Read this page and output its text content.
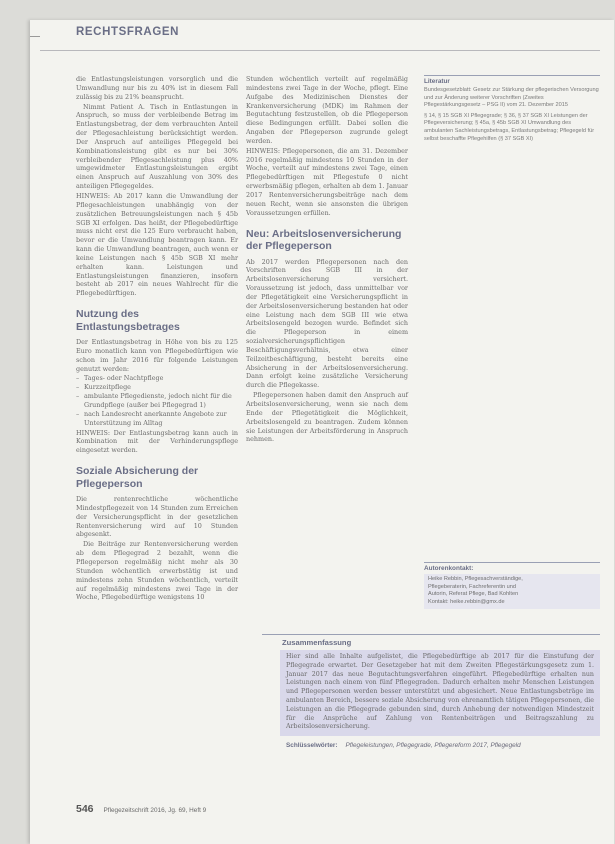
RECHTSFRAGEN

die Entlastungsleistungen vorsorglich und die Umwandlung nur bis zu 40% ist in diesem Fall zulässig bis zu 21% beansprucht.

Nimmt Patient A. Tisch in Entlastungen in Anspruch, so muss der verbleibende Betrag im Entlastungsbetrag, der dem verbrauchten Anteil der Pflegesachleistung berücksichtigt werden. Der Anspruch auf anteiliges Pflegegeld bei Kombinationsleistung gibt es nur bei 30% verbleibender Pflegesachleistung plus 40% umgewidmeter Entlastungsleistungen ergibt einen Anspruch auf Auszahlung von 30% des anteiligen Pflegegeldes.

HINWEIS: Ab 2017 kann die Umwandlung der Pflegesachleistungen unabhängig von der zusätzlichen Betreuungsleistungen nach § 45b SGB XI erfolgen. Das heißt, der Pflegebedürftige muss nicht erst die 125 Euro verbraucht haben, bevor er die Umwandlung beantragen kann. Er kann die Umwandlung beantragen, auch wenn er keine Leistungen nach § 45b SGB XI mehr erhalten kann. Leistungen und Entlastungsleistungen finanzieren, insofern besteht ab 2017 ein neues Wahlrecht für die Pflegebedürftigen.

Nutzung des Entlastungsbetrages

Der Entlastungsbetrag in Höhe von bis zu 125 Euro monatlich kann von Pflegebedürftigen wie schon im Jahr 2016 für folgende Leistungen genutzt werden:

– Tages- oder Nachtpflege
– Kurzzeitpflege
– ambulante Pflegedienste, jedoch nicht für die Grundpflege (außer bei Pflegegrad 1)
– nach Landesrecht anerkannte Angebote zur Unterstützung im Alltag

HINWEIS: Der Entlastungsbetrag kann auch in Kombination mit der Verhinderungspflege eingesetzt werden.

Soziale Absicherung der Pflegeperson

Die rentenrechtliche wöchentliche Mindestpflegezeit von 14 Stunden zum Erreichen der Versicherungspflicht in der gesetzlichen Rentenversicherung wird auf 10 Stunden abgesenkt.

Die Beiträge zur Rentenversicherung werden ab dem Pflegegrad 2 bezahlt, wenn die Pflegeperson regelmäßig nicht mehr als 30 Stunden wöchentlich erwerbstätig ist und mindestens zehn Stunden wöchentlich, verteilt auf regelmäßig mindestens zwei Tage in der Woche, Pflegebedürftige wenigstens 10

Stunden wöchentlich verteilt auf regelmäßig mindestens zwei Tage in der Woche, pflegt. Eine Aufgabe des Medizinischen Dienstes der Krankenversicherung (MDK) im Rahmen der Begutachtung festzustellen, ob die Pflegeperson diese Bedingungen erfüllt. Dabei sollen die Angaben der Pflegeperson zugrunde gelegt werden.

HINWEIS: Pflegepersonen, die am 31. Dezember 2016 regelmäßig mindestens 10 Stunden in der Woche, verteilt auf mindestens zwei Tage, einen Pflegebedürftigen mit Pflegestufe 0 nicht erwerbsmäßig pflegen, erhalten ab dem 1. Januar 2017 Rentenversicherungsbeiträge nach dem neuen Recht, wenn sie ansonsten die übrigen Voraussetzungen erfüllen.

Neu: Arbeitslosenversicherung der Pflegeperson

Ab 2017 werden Pflegepersonen nach den Vorschriften des SGB III in der Arbeitslosenversicherung versichert. Voraussetzung ist jedoch, dass unmittelbar vor der Pflegetätigkeit eine Versicherungspflicht in der Arbeitslosenversicherung bestanden hat oder eine Leistung nach dem SGB III wie etwa Arbeitslosengeld bezogen wurde. Befindet sich die Pflegeperson in einem sozialversicherungspflichtigen Beschäftigungsverhältnis, etwa einer Teilzeitbeschäftigung, besteht bereits eine Absicherung in der Arbeitslosenversicherung. Dann erfolgt keine zusätzliche Versicherung durch die Pflegekasse.

Pflegepersonen haben damit den Anspruch auf Arbeitslosenversicherung, wenn sie nach dem Ende der Pflegetätigkeit die Möglichkeit, Arbeitslosengeld zu beantragen. Zudem können sie Leistungen der Arbeitsförderung in Anspruch nehmen.

Literatur

Bundesgesetzblatt: Gesetz zur Stärkung der pflegerischen Versorgung und zur Änderung weiterer Vorschriften (Zweites Pflegestärkungsgesetz – PSG II) vom 21. Dezember 2015

§ 14, § 15 SGB XI Pflegegrade; § 36, § 37 SGB XI Leistungen der Pflegeversicherung; § 45a, § 45b SGB XI Umwandlung des ambulanten Sachleistungsbetrags, Entlastungsbetrag; Pflegegeld für selbst beschaffte Pflegehilfen (§ 37 SGB XI)

Autorenkontakt:

Heike Rebbin, Pflegesachverständige,

Pflegeberaterin, Fachreferentin und

Autorin, Referat Pflege, Bad Kohlten

Kontakt: heike.rebbin@gmx.de

Zusammenfassung

Hier sind alle Inhalte aufgelistet, die Pflegebedürftige ab 2017 für die Einstufung der Pflegegrade erwartet. Der Gesetzgeber hat mit dem Zweiten Pflegestärkungsgesetz zum 1. Januar 2017 das neue Begutachtungsverfahren eingeführt. Pflegebedürftige erhalten nun Leistungen nach einem von fünf Pflegegraden. Dadurch erhalten mehr Menschen Leistungen und Pflegepersonen werden besser unterstützt und abgesichert. Neue Entlastungsbeträge im ambulanten Bereich, bessere soziale Absicherung von ehrenamtlich tätigen Pflegepersonen, die Leistungen an die Pflegegrade gebunden sind, durch Anhebung der notwendigen Mindestzeit für die Ansprüche auf Zahlung von Rentenbeiträgen und Beitragszahlung zu Arbeitslosenversicherung.

Schlüsselwörter: Pflegeleistungen, Pflegegrade, Pflegereform 2017, Pflegegeld
546 Pflegezeitschrift 2016, Jg. 69, Heft 9
